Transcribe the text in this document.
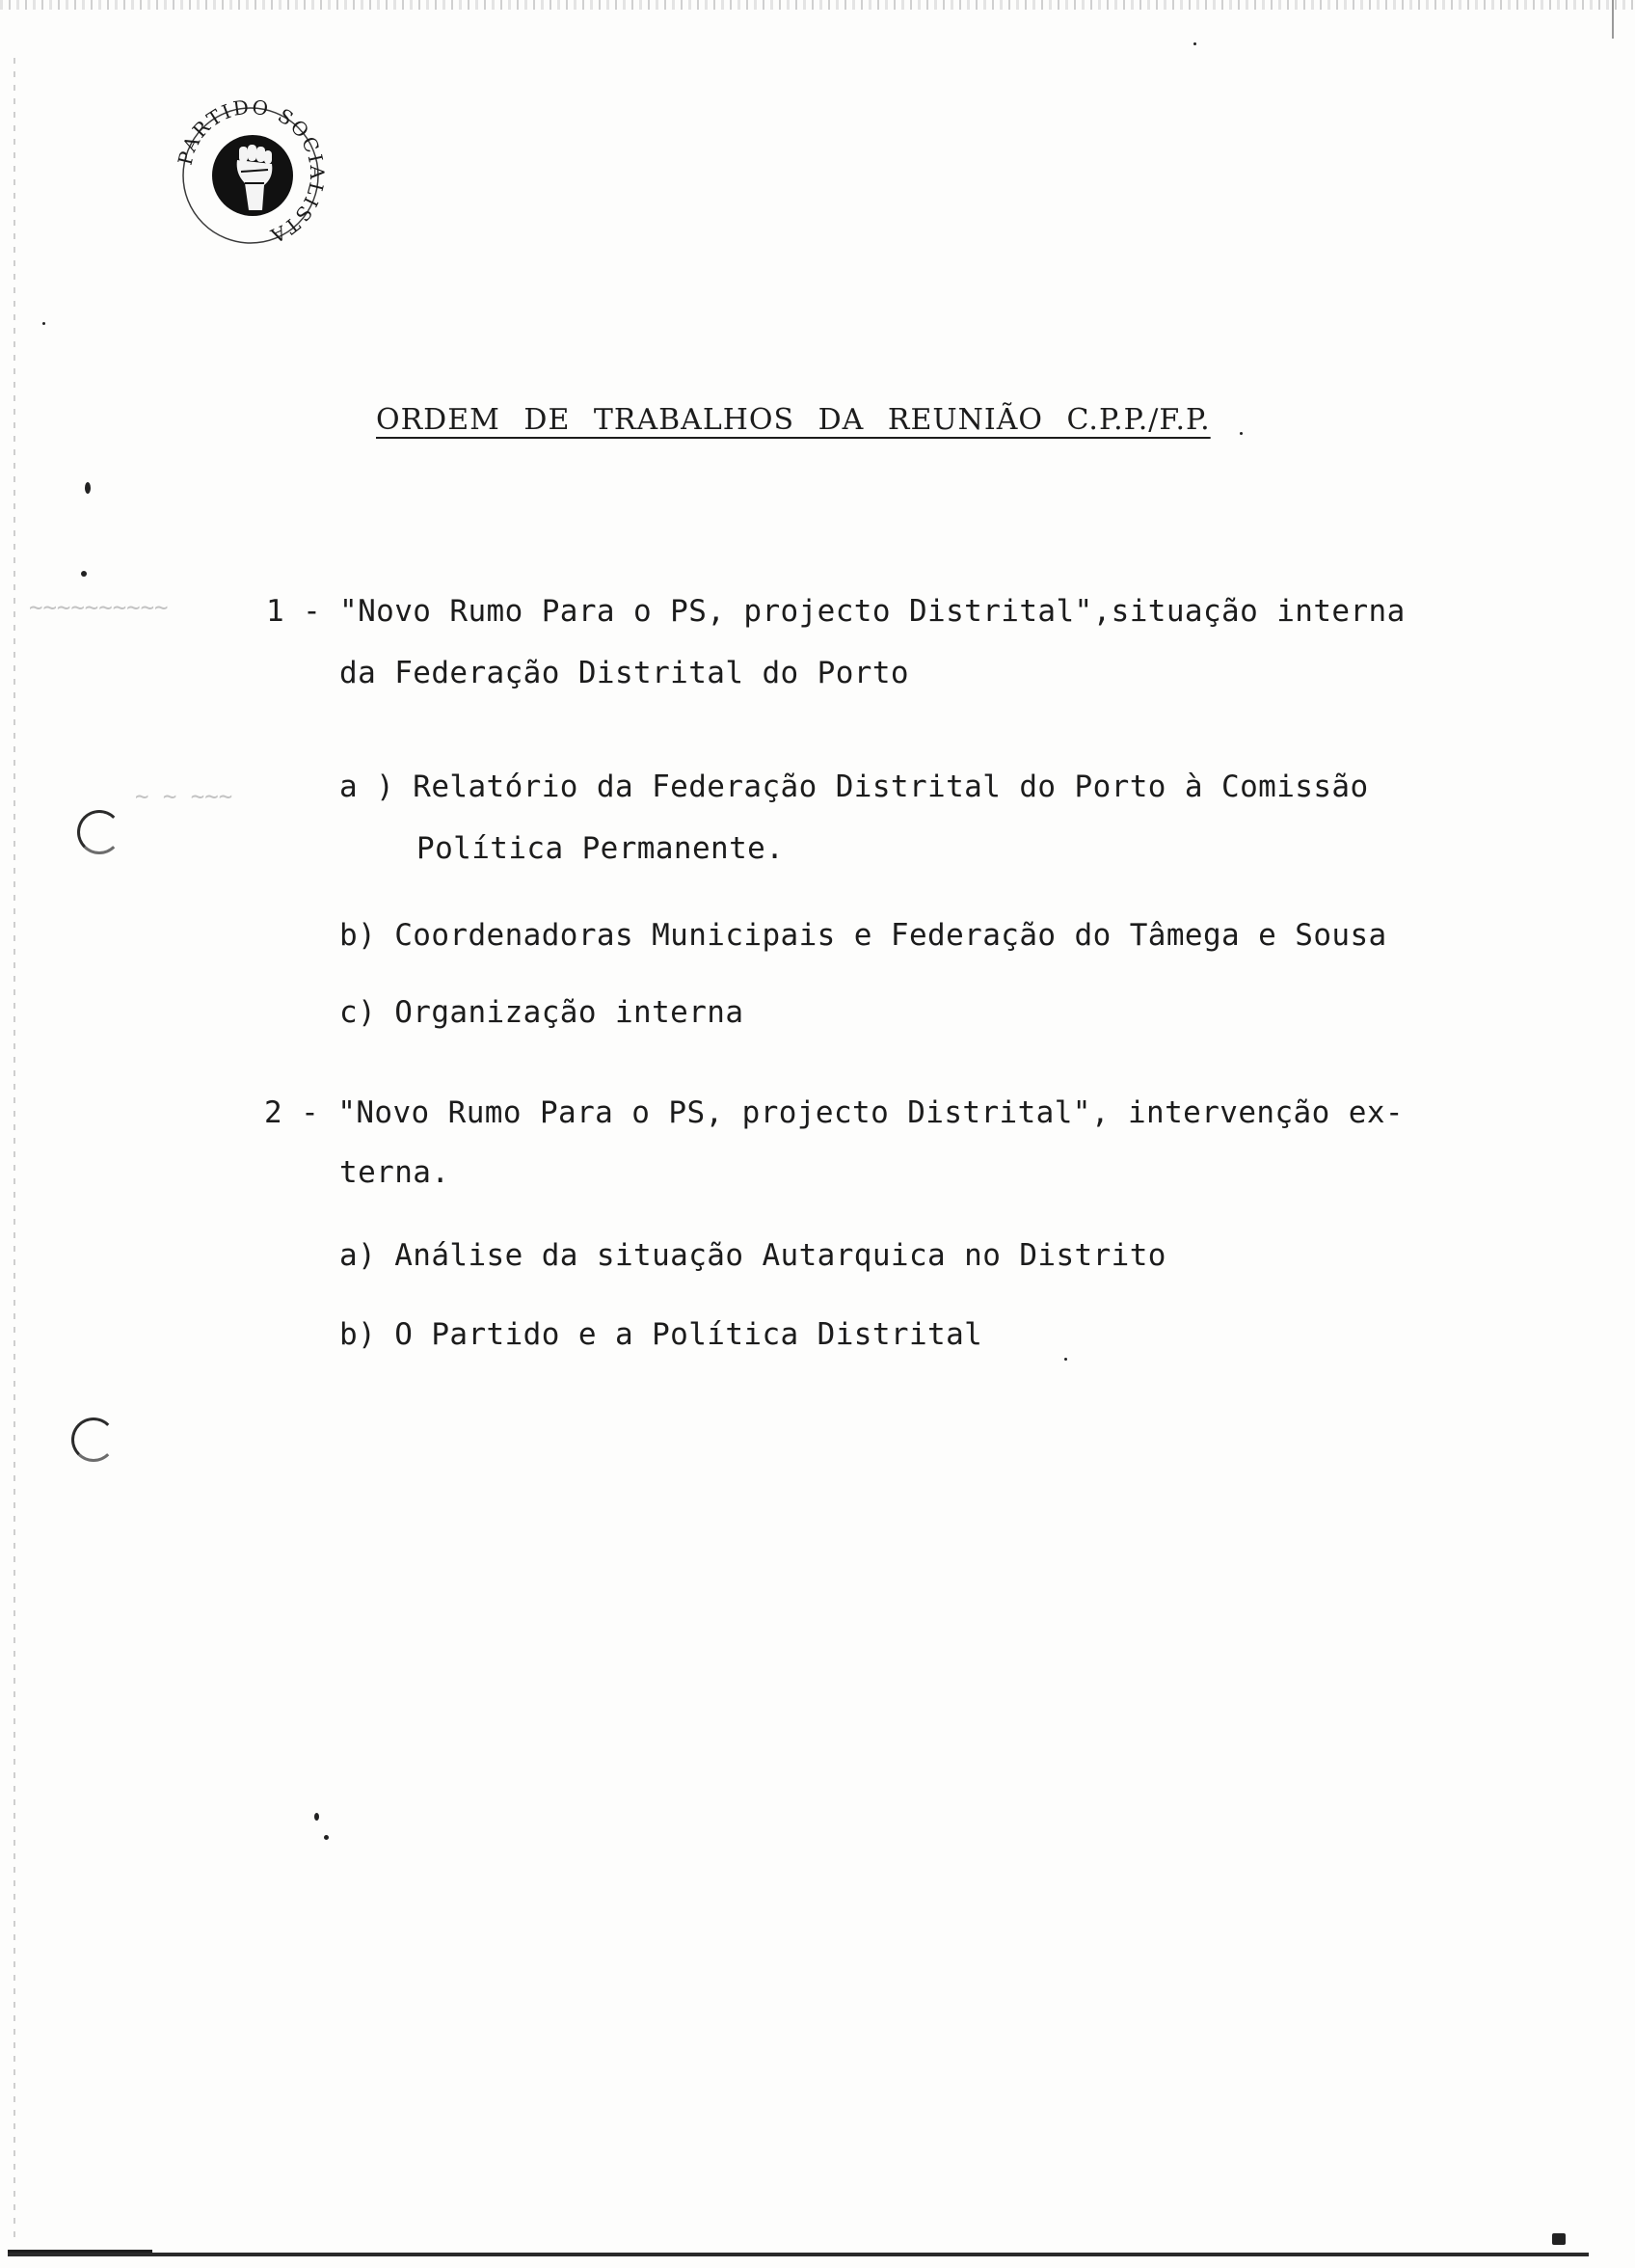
PARTIDO SOCIALISTA
ORDEM DE TRABALHOS DA REUNIÃO C.P.P./F.P.
~~~~~~~~~~
~ ~ ~~~
1 - "Novo Rumo Para o PS, projecto Distrital",situação interna
da Federação Distrital do Porto
a ) Relatório da Federação Distrital do Porto à Comissão
Política Permanente.
b) Coordenadoras Municipais e Federação do Tâmega e Sousa
c) Organização interna
2 - "Novo Rumo Para o PS, projecto Distrital", intervenção ex-
terna.
a) Análise da situação Autarquica no Distrito
b) O Partido e a Política Distrital
